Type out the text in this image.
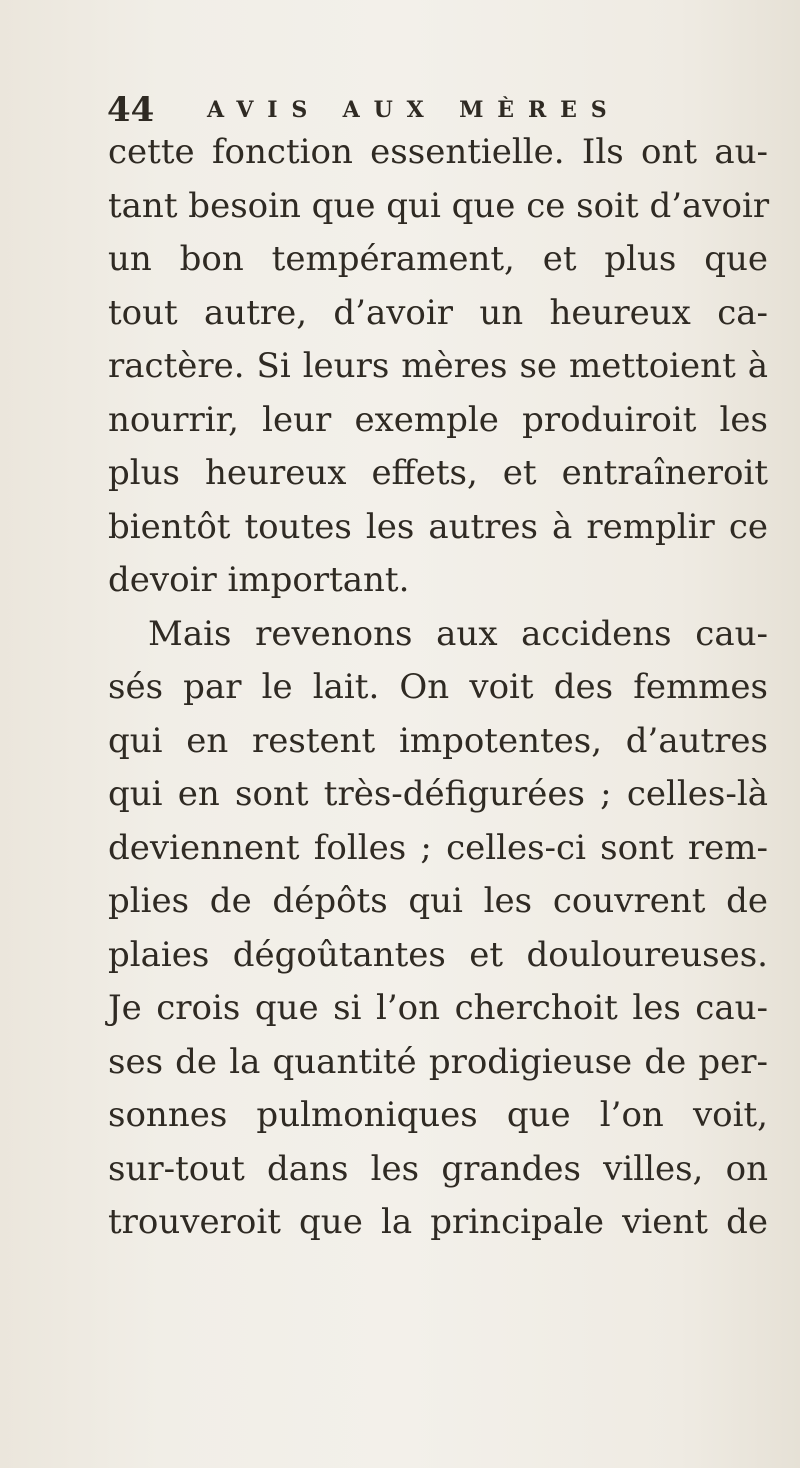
44 AVIS AUX MÈRES
cette fonction essentielle. Ils ont au-
tant besoin que qui que ce soit d’avoir
un bon tempérament, et plus que
tout autre, d’avoir un heureux ca-
ractère. Si leurs mères se mettoient à
nourrir, leur exemple produiroit les
plus heureux effets, et entraîneroit
bientôt toutes les autres à remplir ce
devoir important.
Mais revenons aux accidens cau-
sés par le lait. On voit des femmes
qui en restent impotentes, d’autres
qui en sont très-défigurées ; celles-là
deviennent folles ; celles-ci sont rem-
plies de dépôts qui les couvrent de
plaies dégoûtantes et douloureuses.
Je crois que si l’on cherchoit les cau-
ses de la quantité prodigieuse de per-
sonnes pulmoniques que l’on voit,
sur-tout dans les grandes villes, on
trouveroit que la principale vient de
